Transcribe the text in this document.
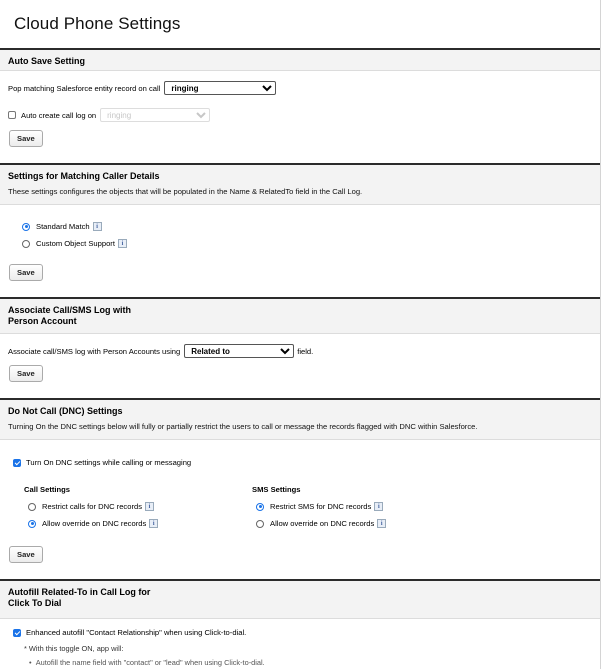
Cloud Phone Settings
Auto Save Setting
Pop matching Salesforce entity record on call
ringing
Auto create call log on
ringing
Save
Settings for Matching Caller Details
These settings configures the objects that will be populated in the Name & RelatedTo field in the Call Log.
Standard Match	i
Custom Object Support	i
Save
Associate Call/SMS Log with
Person Account
Associate call/SMS log with Person Accounts using
Related to	field.
Save
Do Not Call (DNC) Settings
Turning On the DNC settings below will fully or partially restrict the users to call or message the records flagged with DNC within Salesforce.
Turn On DNC settings while calling or messaging
Call Settings
Restrict calls for DNC records	i
Allow override on DNC records	i
SMS Settings
Restrict SMS for DNC records	i
Allow override on DNC records	i
Save
Autofill Related-To in Call Log for
Click To Dial
Enhanced autofill "Contact Relationship" when using Click-to-dial.
* With this toggle ON, app will:
•  Autofill the name field with "contact" or "lead" when using Click-to-dial.
